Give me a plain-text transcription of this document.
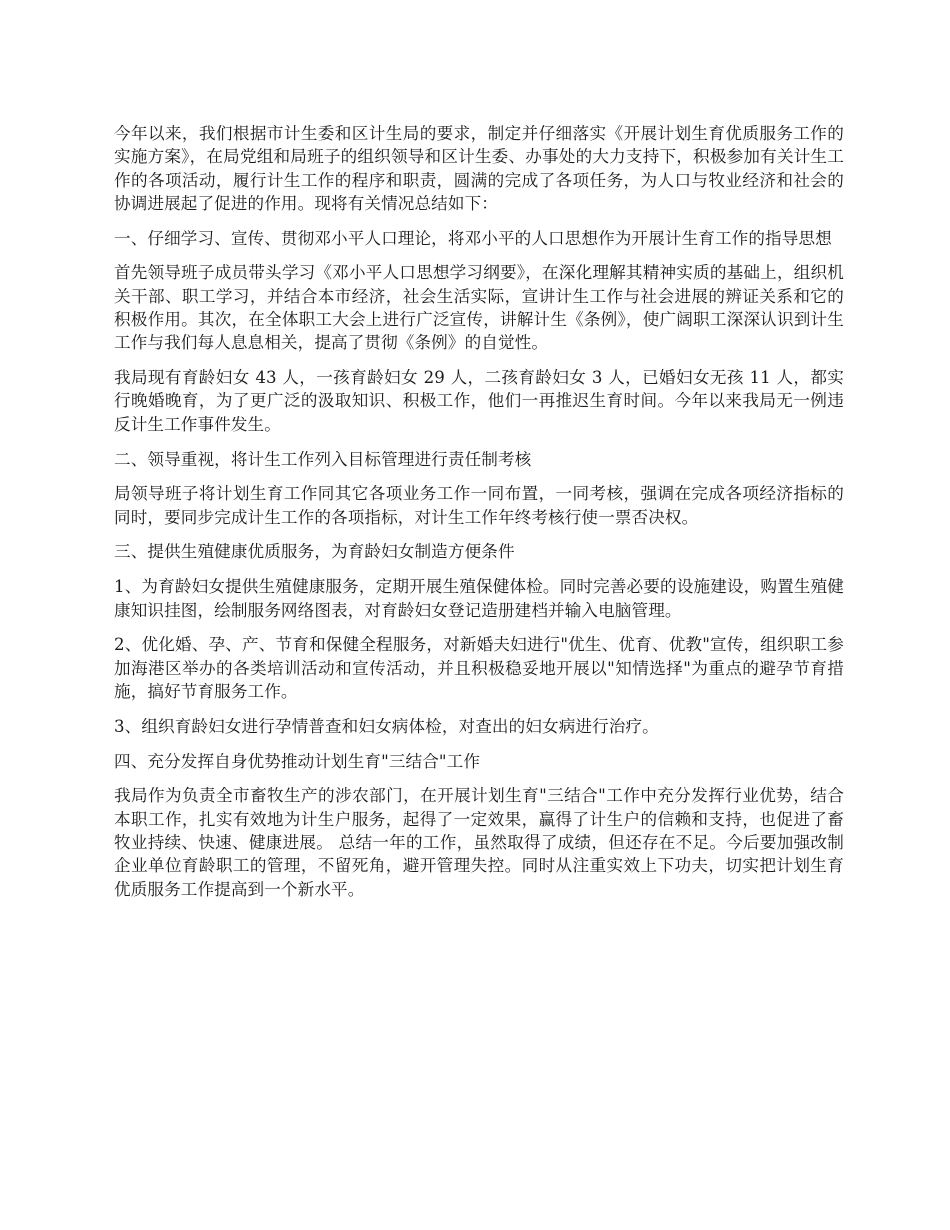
今年以来，我们根据市计生委和区计生局的要求，制定并仔细落实《开展计划生育优质服务工作的实施方案》，在局党组和局班子的组织领导和区计生委、办事处的大力支持下，积极参加有关计生工作的各项活动，履行计生工作的程序和职责，圆满的完成了各项任务，为人口与牧业经济和社会的协调进展起了促进的作用。现将有关情况总结如下：

一、仔细学习、宣传、贯彻邓小平人口理论，将邓小平的人口思想作为开展计生育工作的指导思想

首先领导班子成员带头学习《邓小平人口思想学习纲要》，在深化理解其精神实质的基础上，组织机关干部、职工学习，并结合本市经济，社会生活实际，宣讲计生工作与社会进展的辨证关系和它的积极作用。其次，在全体职工大会上进行广泛宣传，讲解计生《条例》，使广阔职工深深认识到计生工作与我们每人息息相关，提高了贯彻《条例》的自觉性。

我局现有育龄妇女 43 人，一孩育龄妇女 29 人，二孩育龄妇女 3 人，已婚妇女无孩 11 人，都实行晚婚晚育，为了更广泛的汲取知识、积极工作，他们一再推迟生育时间。今年以来我局无一例违反计生工作事件发生。

二、领导重视，将计生工作列入目标管理进行责任制考核

局领导班子将计划生育工作同其它各项业务工作一同布置，一同考核，强调在完成各项经济指标的同时，要同步完成计生工作的各项指标，对计生工作年终考核行使一票否决权。

三、提供生殖健康优质服务，为育龄妇女制造方便条件

1、为育龄妇女提供生殖健康服务，定期开展生殖保健体检。同时完善必要的设施建设，购置生殖健康知识挂图，绘制服务网络图表，对育龄妇女登记造册建档并输入电脑管理。

2、优化婚、孕、产、节育和保健全程服务，对新婚夫妇进行"优生、优育、优教"宣传，组织职工参加海港区举办的各类培训活动和宣传活动，并且积极稳妥地开展以"知情选择"为重点的避孕节育措施，搞好节育服务工作。

3、组织育龄妇女进行孕情普查和妇女病体检，对查出的妇女病进行治疗。

四、充分发挥自身优势推动计划生育"三结合"工作

我局作为负责全市畜牧生产的涉农部门，在开展计划生育"三结合"工作中充分发挥行业优势，结合本职工作，扎实有效地为计生户服务，起得了一定效果，赢得了计生户的信赖和支持，也促进了畜牧业持续、快速、健康进展。 总结一年的工作，虽然取得了成绩，但还存在不足。今后要加强改制企业单位育龄职工的管理，不留死角，避开管理失控。同时从注重实效上下功夫，切实把计划生育优质服务工作提高到一个新水平。
